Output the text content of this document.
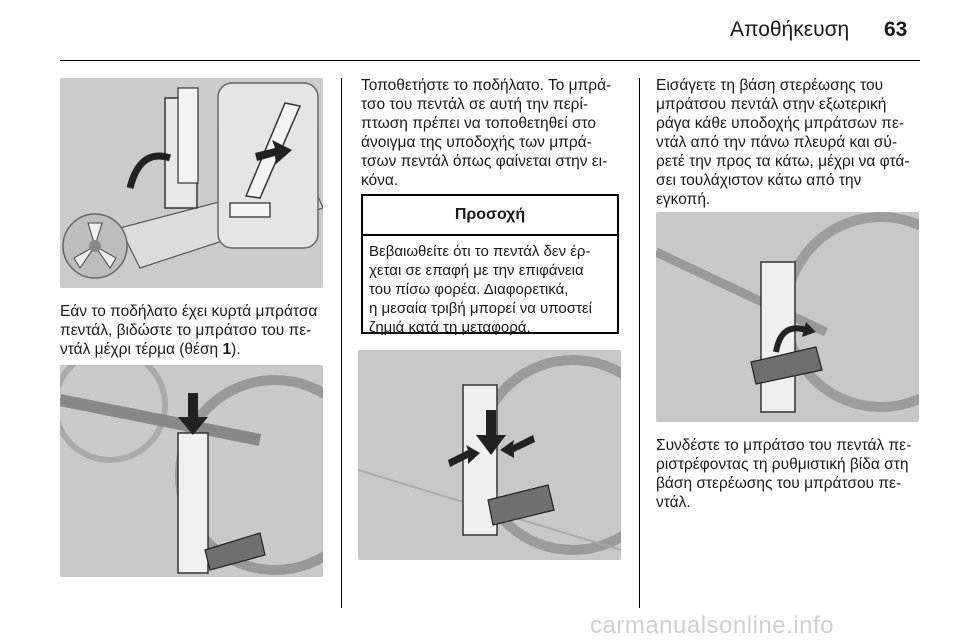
Αποθήκευση 63
Εάν το ποδήλατο έχει κυρτά μπράτσα
πεντάλ, βιδώστε το μπράτσο του πε-
ντάλ μέχρι τέρμα (θέση 1).
Τοποθετήστε το ποδήλατο. Το μπρά-
τσο του πεντάλ σε αυτή την περί-
πτωση πρέπει να τοποθετηθεί στο
άνοιγμα της υποδοχής των μπρά-
τσων πεντάλ όπως φαίνεται στην ει-
κόνα.
Προσοχή
Βεβαιωθείτε ότι το πεντάλ δεν έρ-
χεται σε επαφή με την επιφάνεια
του πίσω φορέα. Διαφορετικά,
η μεσαία τριβή μπορεί να υποστεί
ζημιά κατά τη μεταφορά.
Εισάγετε τη βάση στερέωσης του
μπράτσου πεντάλ στην εξωτερική
ράγα κάθε υποδοχής μπράτσων πε-
ντάλ από την πάνω πλευρά και σύ-
ρετέ την προς τα κάτω, μέχρι να φτά-
σει τουλάχιστον κάτω από την
εγκοπή.
Συνδέστε το μπράτσο του πεντάλ πε-
ριστρέφοντας τη ρυθμιστική βίδα στη
βάση στερέωσης του μπράτσου πε-
ντάλ.
carmanualsonline.info
